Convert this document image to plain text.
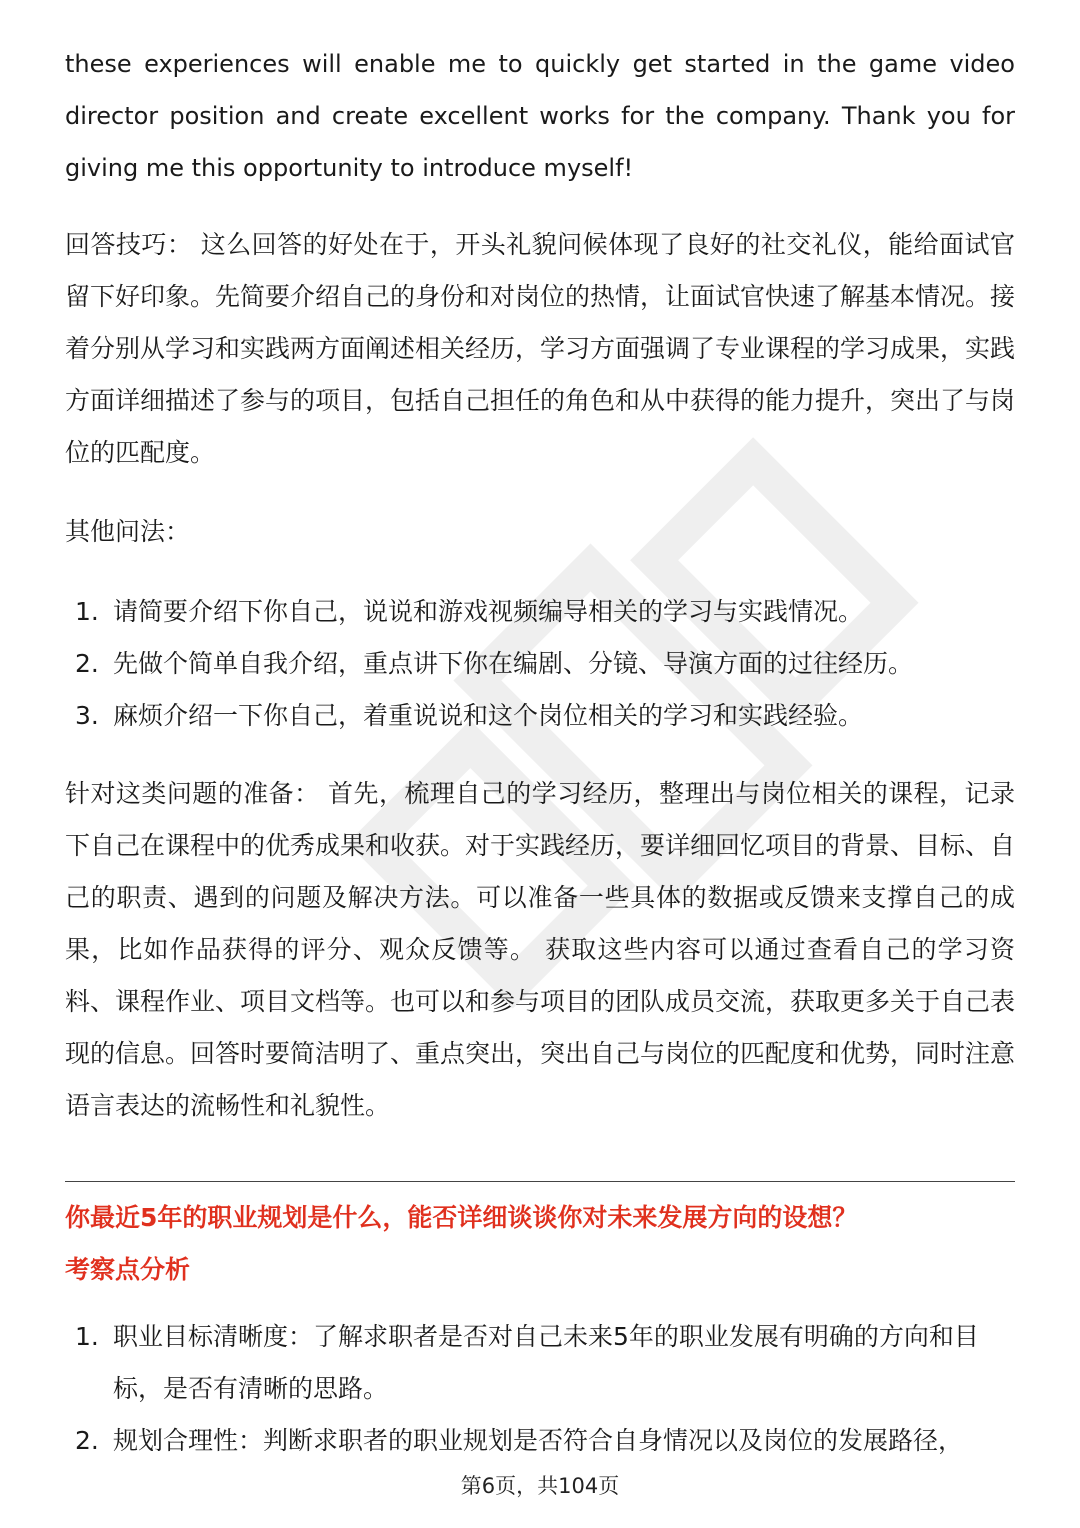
these experiences will enable me to quickly get started in the game video director position and create excellent works for the company. Thank you for giving me this opportunity to introduce myself!

回答技巧： 这么回答的好处在于，开头礼貌问候体现了良好的社交礼仪，能给面试官留下好印象。先简要介绍自己的身份和对岗位的热情，让面试官快速了解基本情况。接着分别从学习和实践两方面阐述相关经历，学习方面强调了专业课程的学习成果，实践方面详细描述了参与的项目，包括自己担任的角色和从中获得的能力提升，突出了与岗位的匹配度。

其他问法：

1. 请简要介绍下你自己，说说和游戏视频编导相关的学习与实践情况。
2. 先做个简单自我介绍，重点讲下你在编剧、分镜、导演方面的过往经历。
3. 麻烦介绍一下你自己，着重说说和这个岗位相关的学习和实践经验。

针对这类问题的准备： 首先，梳理自己的学习经历，整理出与岗位相关的课程，记录下自己在课程中的优秀成果和收获。对于实践经历，要详细回忆项目的背景、目标、自己的职责、遇到的问题及解决方法。可以准备一些具体的数据或反馈来支撑自己的成果，比如作品获得的评分、观众反馈等。 获取这些内容可以通过查看自己的学习资料、课程作业、项目文档等。也可以和参与项目的团队成员交流，获取更多关于自己表现的信息。回答时要简洁明了、重点突出，突出自己与岗位的匹配度和优势，同时注意语言表达的流畅性和礼貌性。

你最近5年的职业规划是什么，能否详细谈谈你对未来发展方向的设想？

考察点分析

1. 职业目标清晰度：了解求职者是否对自己未来5年的职业发展有明确的方向和目标，是否有清晰的思路。
2. 规划合理性：判断求职者的职业规划是否符合自身情况以及岗位的发展路径，
第6页，共104页
